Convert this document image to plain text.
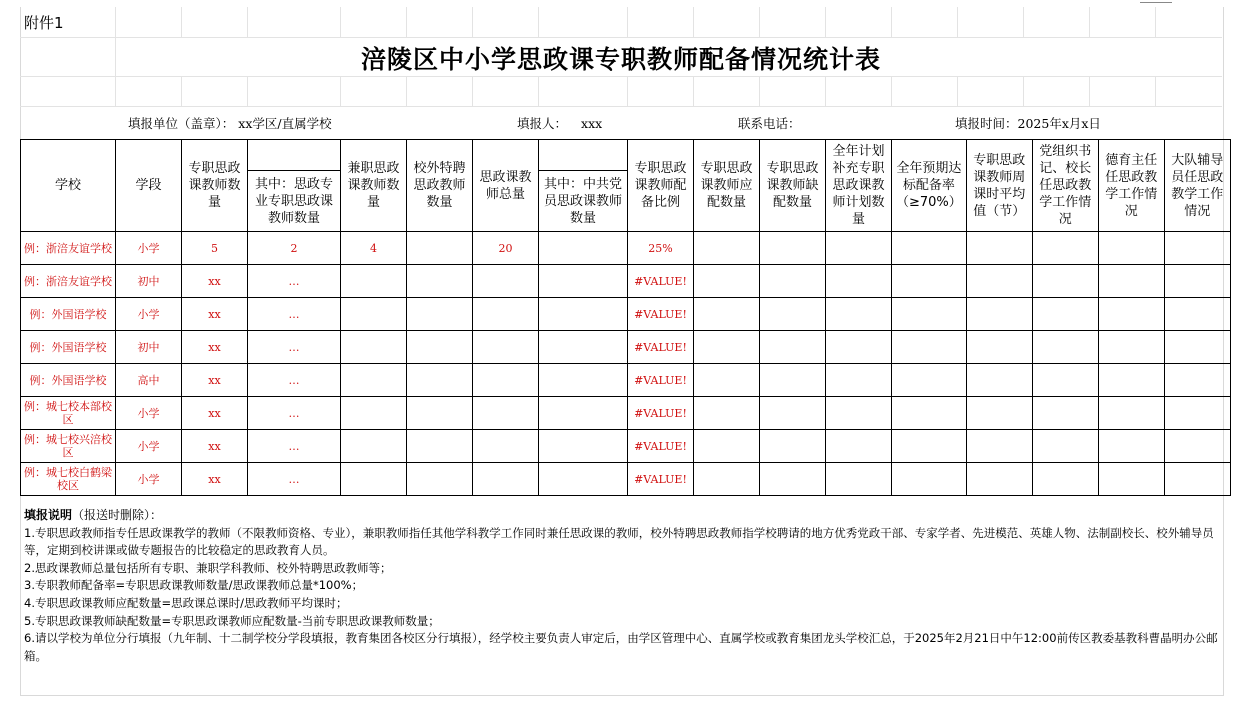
附件1
涪陵区中小学思政课专职教师配备情况统计表
填报单位（盖章）： xx学区/直属学校	填报人： xxx	联系电话：	填报时间：2025年x月x日
学校	学段	专职思政课教师数量		兼职思政课教师数量	校外特聘思政教师数量	思政课教师总量		专职思政课教师配备比例	专职思政课教师应配数量	专职思政课教师缺配数量	全年计划补充专职思政课教师计划数量	全年预期达标配备率（≥70%）	专职思政课教师周课时平均值（节）	党组织书记、校长任思政教学工作情况	德育主任任思政教学工作情况	大队辅导员任思政教学工作情况
			其中：思政专业专职思政课教师数量				其中：中共党员思政课教师数量									
例：浙涪友谊学校	小学	5	2	4		20		25%								
例：浙涪友谊学校	初中	xx	…					#VALUE!								
例：外国语学校	小学	xx	…					#VALUE!								
例：外国语学校	初中	xx	…					#VALUE!								
例：外国语学校	高中	xx	…					#VALUE!								
例：城七校本部校区	小学	xx	…					#VALUE!								
例：城七校兴涪校区	小学	xx	…					#VALUE!								
例：城七校白鹤梁校区	小学	xx	…					#VALUE!								
填报说明（报送时删除）：
1.专职思政教师指专任思政课教学的教师（不限教师资格、专业），兼职教师指任其他学科教学工作同时兼任思政课的教师，校外特聘思政教师指学校聘请的地方优秀党政干部、专家学者、先进模范、英雄人物、法制副校长、校外辅导员等，定期到校讲课或做专题报告的比较稳定的思政教育人员。
2.思政课教师总量包括所有专职、兼职学科教师、校外特聘思政教师等；
3.专职教师配备率=专职思政课教师数量/思政课教师总量*100%；
4.专职思政课教师应配数量=思政课总课时/思政教师平均课时；
5.专职思政课教师缺配数量=专职思政课教师应配数量-当前专职思政课教师数量；
6.请以学校为单位分行填报（九年制、十二制学校分学段填报，教育集团各校区分行填报），经学校主要负责人审定后，由学区管理中心、直属学校或教育集团龙头学校汇总，于2025年2月21日中午12:00前传区教委基教科曹晶明办公邮箱。
